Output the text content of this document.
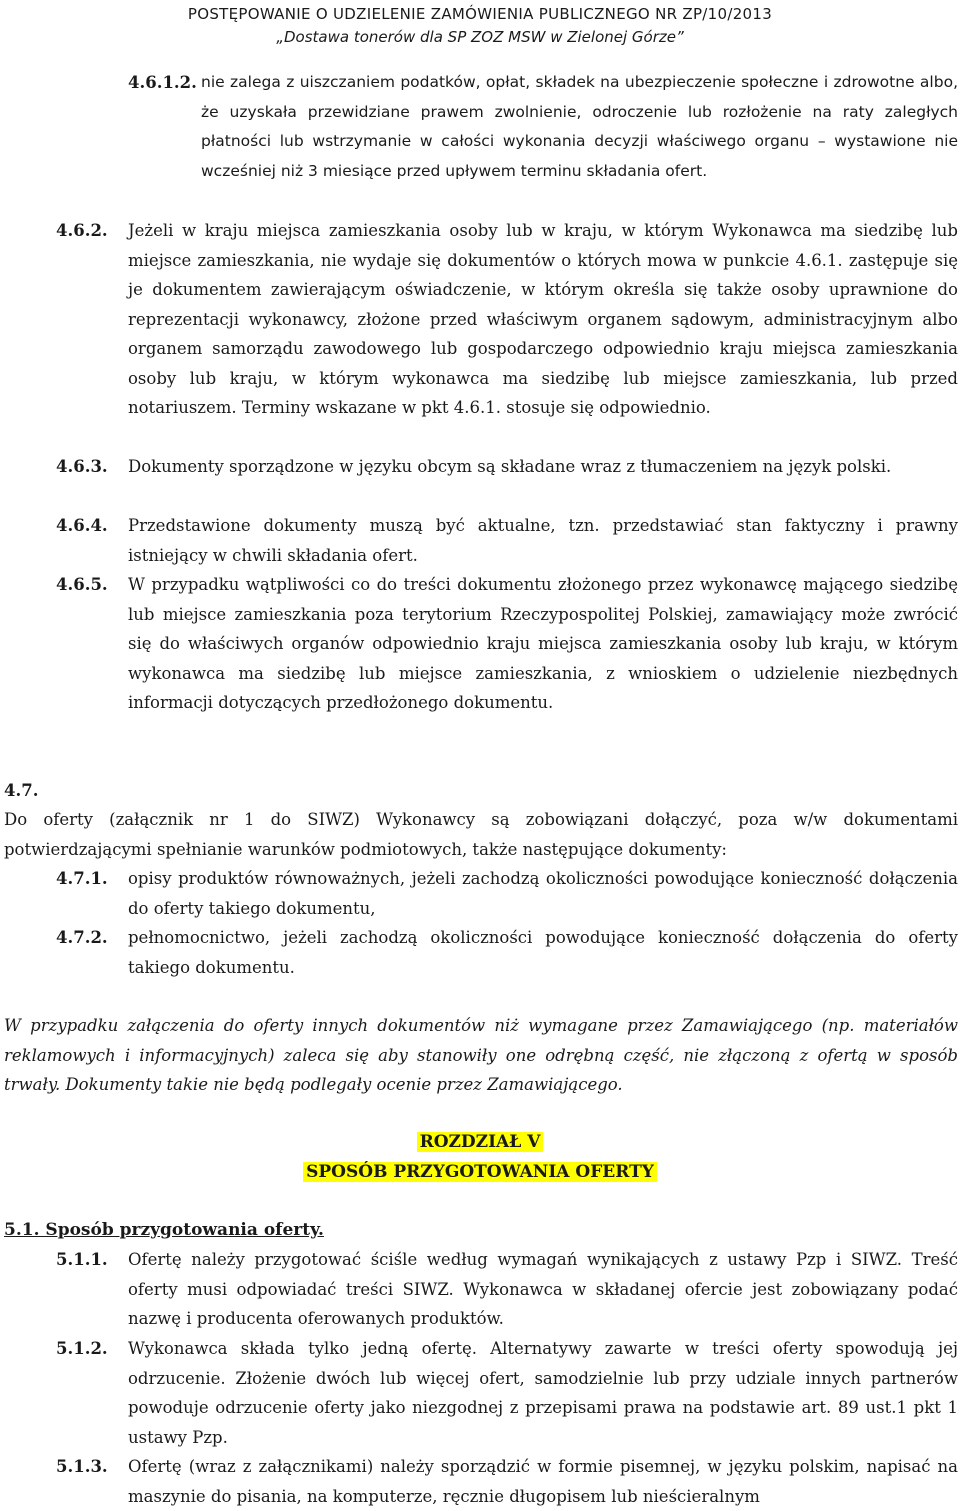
POSTĘPOWANIE O UDZIELENIE ZAMÓWIENIA PUBLICZNEGO NR ZP/10/2013
„Dostawa tonerów dla SP ZOZ MSW w Zielonej Górze”
4.6.1.2. nie zalega z uiszczaniem podatków, opłat, składek na ubezpieczenie społeczne i zdrowotne albo, że uzyskała przewidziane prawem zwolnienie, odroczenie lub rozłożenie na raty zaległych płatności lub wstrzymanie w całości wykonania decyzji właściwego organu – wystawione nie wcześniej niż 3 miesiące przed upływem terminu składania ofert.
4.6.2. Jeżeli w kraju miejsca zamieszkania osoby lub w kraju, w którym Wykonawca ma siedzibę lub miejsce zamieszkania, nie wydaje się dokumentów o których mowa w punkcie 4.6.1. zastępuje się je dokumentem zawierającym oświadczenie, w którym określa się także osoby uprawnione do reprezentacji wykonawcy, złożone przed właściwym organem sądowym, administracyjnym albo organem samorządu zawodowego lub gospodarczego odpowiednio kraju miejsca zamieszkania osoby lub kraju, w którym wykonawca ma siedzibę lub miejsce zamieszkania, lub przed notariuszem. Terminy wskazane w pkt 4.6.1. stosuje się odpowiednio.
4.6.3. Dokumenty sporządzone w języku obcym są składane wraz z tłumaczeniem na język polski.
4.6.4. Przedstawione dokumenty muszą być aktualne, tzn. przedstawiać stan faktyczny i prawny istniejący w chwili składania ofert.
4.6.5. W przypadku wątpliwości co do treści dokumentu złożonego przez wykonawcę mającego siedzibę lub miejsce zamieszkania poza terytorium Rzeczypospolitej Polskiej, zamawiający może zwrócić się do właściwych organów odpowiednio kraju miejsca zamieszkania osoby lub kraju, w którym wykonawca ma siedzibę lub miejsce zamieszkania, z wnioskiem o udzielenie niezbędnych informacji dotyczących przedłożonego dokumentu.
4.7.
Do oferty (załącznik nr 1 do SIWZ) Wykonawcy są zobowiązani dołączyć, poza w/w dokumentami potwierdzającymi spełnianie warunków podmiotowych, także następujące dokumenty:
4.7.1. opisy produktów równoważnych, jeżeli zachodzą okoliczności powodujące konieczność dołączenia do oferty takiego dokumentu,
4.7.2. pełnomocnictwo, jeżeli zachodzą okoliczności powodujące konieczność dołączenia do oferty takiego dokumentu.
W przypadku załączenia do oferty innych dokumentów niż wymagane przez Zamawiającego (np. materiałów reklamowych i informacyjnych) zaleca się aby stanowiły one odrębną część, nie złączoną z ofertą w sposób trwały. Dokumenty takie nie będą podlegały ocenie przez Zamawiającego.
ROZDZIAŁ V
SPOSÓB PRZYGOTOWANIA OFERTY
5.1. Sposób przygotowania oferty.
5.1.1. Ofertę należy przygotować ściśle według wymagań wynikających z ustawy Pzp i SIWZ. Treść oferty musi odpowiadać treści SIWZ. Wykonawca w składanej ofercie jest zobowiązany podać nazwę i producenta oferowanych produktów.
5.1.2. Wykonawca składa tylko jedną ofertę. Alternatywy zawarte w treści oferty spowodują jej odrzucenie. Złożenie dwóch lub więcej ofert, samodzielnie lub przy udziale innych partnerów powoduje odrzucenie oferty jako niezgodnej z przepisami prawa na podstawie art. 89 ust.1 pkt 1 ustawy Pzp.
5.1.3. Ofertę (wraz z załącznikami) należy sporządzić w formie pisemnej, w języku polskim, napisać na maszynie do pisania, na komputerze, ręcznie długopisem lub nieścieralnym
